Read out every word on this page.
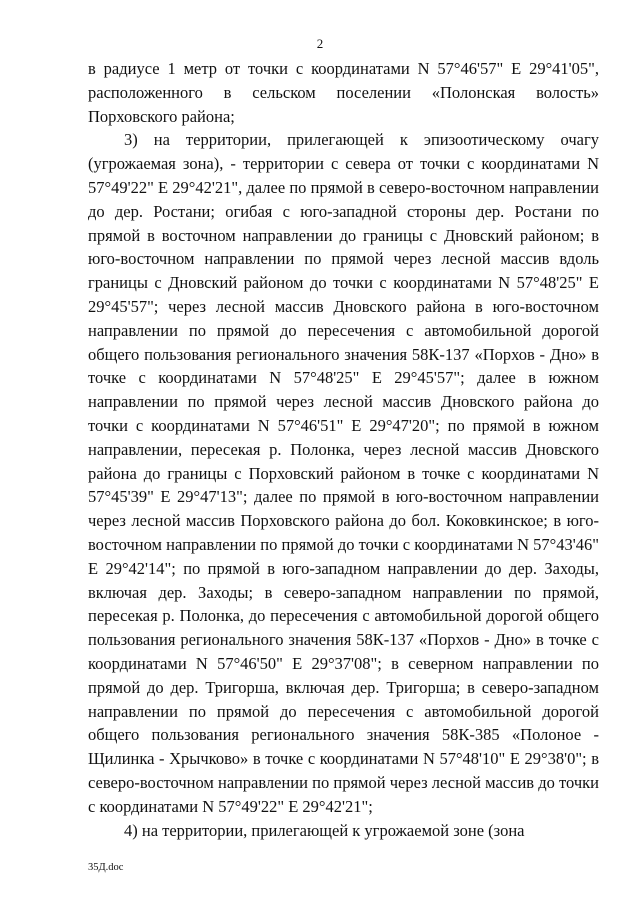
2

в радиусе 1 метр от точки с координатами N 57°46'57" E 29°41'05", расположенного в сельском поселении «Полонская волость» Порховского района;

3) на территории, прилегающей к эпизоотическому очагу (угрожаемая зона), - территории с севера от точки с координатами N 57°49'22" E 29°42'21", далее по прямой в северо-восточном направлении до дер. Ростани; огибая с юго-западной стороны дер. Ростани по прямой в восточном направлении до границы с Дновский районом; в юго-восточном направлении по прямой через лесной массив вдоль границы с Дновский районом до точки с координатами N 57°48'25" E 29°45'57"; через лесной массив Дновского района в юго-восточном направлении по прямой до пересечения с автомобильной дорогой общего пользования регионального значения 58К-137 «Порхов - Дно» в точке с координатами N 57°48'25" E 29°45'57"; далее в южном направлении по прямой через лесной массив Дновского района до точки с координатами N 57°46'51" E 29°47'20"; по прямой в южном направлении, пересекая р. Полонка, через лесной массив Дновского района до границы с Порховский районом в точке с координатами N 57°45'39" E 29°47'13"; далее по прямой в юго-восточном направлении через лесной массив Порховского района до бол. Коковкинское; в юго-восточном направлении по прямой до точки с координатами N 57°43'46" E 29°42'14"; по прямой в юго-западном направлении до дер. Заходы, включая дер. Заходы; в северо-западном направлении по прямой, пересекая р. Полонка, до пересечения с автомобильной дорогой общего пользования регионального значения 58К-137 «Порхов - Дно» в точке с координатами N 57°46'50" E 29°37'08"; в северном направлении по прямой до дер. Тригорша, включая дер. Тригорша; в северо-западном направлении по прямой до пересечения с автомобильной дорогой общего пользования регионального значения 58К-385 «Полоное - Щилинка - Хрычково» в точке с координатами N 57°48'10" E 29°38'0"; в северо-восточном направлении по прямой через лесной массив до точки с координатами N 57°49'22" E 29°42'21";

4) на территории, прилегающей к угрожаемой зоне (зона

35Д.doc
